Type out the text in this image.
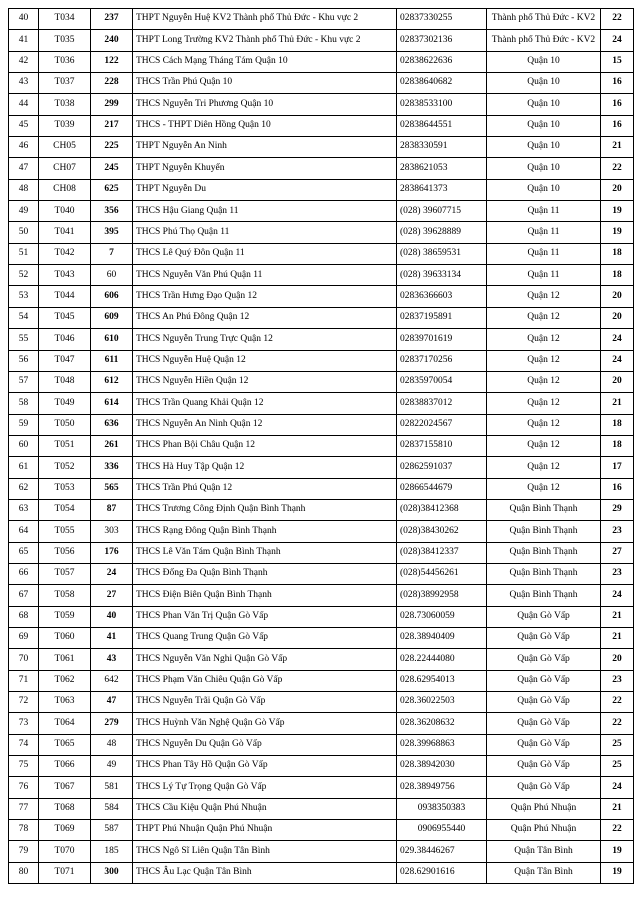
40	T034	237	THPT Nguyễn Huệ KV2 Thành phố Thủ Đức - Khu vực 2	02837330255	Thành phố Thủ Đức - KV2	22
41	T035	240	THPT Long Trường KV2 Thành phố Thủ Đức - Khu vực 2	02837302136	Thành phố Thủ Đức - KV2	24
42	T036	122	THCS Cách Mạng Tháng Tám Quận 10	02838622636	Quận 10	15
43	T037	228	THCS Trần Phú Quận 10	02838640682	Quận 10	16
44	T038	299	THCS Nguyễn Tri Phương Quận 10	02838533100	Quận 10	16
45	T039	217	THCS - THPT Diên Hồng Quận 10	02838644551	Quận 10	16
46	CH05	225	THPT Nguyễn An Ninh	2838330591	Quận 10	21
47	CH07	245	THPT Nguyễn Khuyến	2838621053	Quận 10	22
48	CH08	625	THPT Nguyễn Du	2838641373	Quận 10	20
49	T040	356	THCS Hậu Giang Quận 11	(028) 39607715	Quận 11	19
50	T041	395	THCS Phú Thọ Quận 11	(028) 39628889	Quận 11	19
51	T042	7	THCS Lê Quý Đôn Quận 11	(028) 38659531	Quận 11	18
52	T043	60	THCS Nguyễn Văn Phú Quận 11	(028) 39633134	Quận 11	18
53	T044	606	THCS Trần Hưng Đạo Quận 12	02836366603	Quận 12	20
54	T045	609	THCS An Phú Đông Quận 12	02837195891	Quận 12	20
55	T046	610	THCS Nguyễn Trung Trực Quận 12	02839701619	Quận 12	24
56	T047	611	THCS Nguyễn Huệ Quận 12	02837170256	Quận 12	24
57	T048	612	THCS Nguyễn Hiền Quận 12	02835970054	Quận 12	20
58	T049	614	THCS Trần Quang Khải Quận 12	02838837012	Quận 12	21
59	T050	636	THCS Nguyễn An Ninh Quận 12	02822024567	Quận 12	18
60	T051	261	THCS Phan Bội Châu Quận 12	02837155810	Quận 12	18
61	T052	336	THCS Hà Huy Tập Quận 12	02862591037	Quận 12	17
62	T053	565	THCS Trần Phú Quận 12	02866544679	Quận 12	16
63	T054	87	THCS Trương Công Định Quận Bình Thạnh	(028)38412368	Quận Bình Thạnh	29
64	T055	303	THCS Rạng Đông Quận Bình Thạnh	(028)38430262	Quận Bình Thạnh	23
65	T056	176	THCS Lê Văn Tám Quận Bình Thạnh	(028)38412337	Quận Bình Thạnh	27
66	T057	24	THCS Đống Đa Quận Bình Thạnh	(028)54456261	Quận Bình Thạnh	23
67	T058	27	THCS Điện Biên Quận Bình Thạnh	(028)38992958	Quận Bình Thạnh	24
68	T059	40	THCS Phan Văn Trị Quận Gò Vấp	028.73060059	Quận Gò Vấp	21
69	T060	41	THCS Quang Trung Quận Gò Vấp	028.38940409	Quận Gò Vấp	21
70	T061	43	THCS Nguyễn Văn Nghi Quận Gò Vấp	028.22444080	Quận Gò Vấp	20
71	T062	642	THCS Phạm Văn Chiêu Quận Gò Vấp	028.62954013	Quận Gò Vấp	23
72	T063	47	THCS Nguyễn Trãi Quận Gò Vấp	028.36022503	Quận Gò Vấp	22
73	T064	279	THCS Huỳnh Văn Nghệ Quận Gò Vấp	028.36208632	Quận Gò Vấp	22
74	T065	48	THCS Nguyễn Du Quận Gò Vấp	028.39968863	Quận Gò Vấp	25
75	T066	49	THCS Phan Tây Hồ Quận Gò Vấp	028.38942030	Quận Gò Vấp	25
76	T067	581	THCS Lý Tự Trọng Quận Gò Vấp	028.38949756	Quận Gò Vấp	24
77	T068	584	THCS Cầu Kiệu Quận Phú Nhuận	0938350383	Quận Phú Nhuận	21
78	T069	587	THPT Phú Nhuận Quận Phú Nhuận	0906955440	Quận Phú Nhuận	22
79	T070	185	THCS Ngô Sĩ Liên Quận Tân Bình	029.38446267	Quận Tân Bình	19
80	T071	300	THCS Âu Lạc Quận Tân Bình	028.62901616	Quận Tân Bình	19
